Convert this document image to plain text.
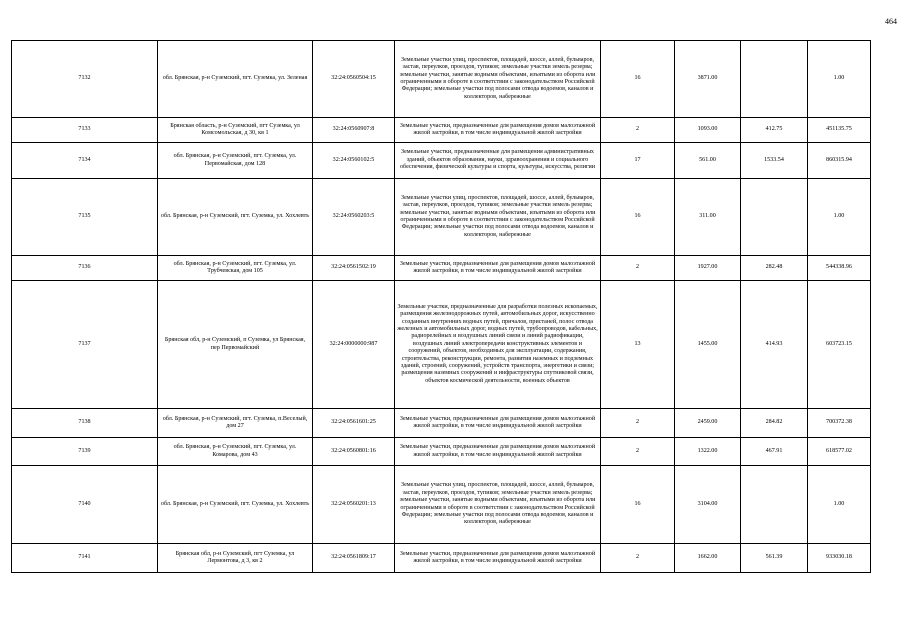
464
7132	обл. Брянская, р-н Суземский, пгт. Суземка, ул. Зеленая	32:24:0560504:15	Земельные участки улиц, проспектов, площадей, шоссе, аллей, бульваров, застав, переулков, проездов, тупиков; земельные участки земель резерва; земельные участки, занятые водными объектами, изъятыми из оборота или ограниченными в обороте в соответствии с законодательством Российской Федерации; земельные участки под полосами отвода водоемов, каналов и коллекторов, набережные	16	3871.00		1.00
7133	Брянская область, р-н Суземский, пгт Суземка, ул Комсомольская, д 30, кв 1	32:24:0560907:8	Земельные участки, предназначенные для размещения домов малоэтажной жилой застройки, в том числе индивидуальной жилой застройки	2	1093.00	412.75	451135.75
7134	обл. Брянская, р-н Суземский, пгт. Суземка, ул. Первомайская, дом 128	32:24:0560102:5	Земельные участки, предназначенные для размещения административных зданий, объектов образования, науки, здравоохранения и социального обеспечения, физической культуры и спорта, культуры, искусства, религии	17	561.00	1533.54	860315.94
7135	обл. Брянская, р-н Суземский, пгт. Суземка, ул. Хохлевть	32:24:0560203:5	Земельные участки улиц, проспектов, площадей, шоссе, аллей, бульваров, застав, переулков, проездов, тупиков; земельные участки земель резерва; земельные участки, занятые водными объектами, изъятыми из оборота или ограниченными в обороте в соответствии с законодательством Российской Федерации; земельные участки под полосами отвода водоемов, каналов и коллекторов, набережные	16	311.00		1.00
7136	обл. Брянская, р-н Суземский, пгт. Суземка, ул. Трубчевская, дом 105	32:24:0561502:19	Земельные участки, предназначенные для размещения домов малоэтажной жилой застройки, в том числе индивидуальной жилой застройки	2	1927.00	282.48	544338.96
7137	Брянская обл, р-н Суземский, п Суземка, ул Брянская, пер Первомайский	32:24:0000000:987	Земельные участки, предназначенные для разработки полезных ископаемых, размещения железнодорожных путей, автомобильных дорог, искусственно созданных внутренних водных путей, причалов, пристаней, полос отвода железных и автомобильных дорог, водных путей, трубопроводов, кабельных, радиорелейных и воздушных линий связи и линий радиофикации, воздушных линий электропередачи конструктивных элементов и сооружений, объектов, необходимых для эксплуатации, содержания, строительства, реконструкции, ремонта, развития наземных и подземных зданий, строений, сооружений, устройств транспорта, энергетики и связи; размещения наземных сооружений и инфраструктуры спутниковой связи, объектов космической деятельности, военных объектов	13	1455.00	414.93	603723.15
7138	обл. Брянская, р-н Суземский, пгт. Суземка, п.Веселый, дом 27	32:24:0561601:25	Земельные участки, предназначенные для размещения домов малоэтажной жилой застройки, в том числе индивидуальной жилой застройки	2	2459.00	284.82	700372.38
7139	обл. Брянская, р-н Суземский, пгт. Суземка, ул. Комарова, дом 43	32:24:0560801:16	Земельные участки, предназначенные для размещения домов малоэтажной жилой застройки, в том числе индивидуальной жилой застройки	2	1322.00	467.91	618577.02
7140	обл. Брянская, р-н Суземский, пгт. Суземка, ул. Хохлевть	32:24:0560201:13	Земельные участки улиц, проспектов, площадей, шоссе, аллей, бульваров, застав, переулков, проездов, тупиков; земельные участки земель резерва; земельные участки, занятые водными объектами, изъятыми из оборота или ограниченными в обороте в соответствии с законодательством Российской Федерации; земельные участки под полосами отвода водоемов, каналов и коллекторов, набережные	16	3104.00		1.00
7141	Брянская обл, р-н Суземский, пгт Суземка, ул Лермонтова, д 3, кв 2	32:24:0561809:17	Земельные участки, предназначенные для размещения домов малоэтажной жилой застройки, в том числе индивидуальной жилой застройки	2	1662.00	561.39	933030.18
